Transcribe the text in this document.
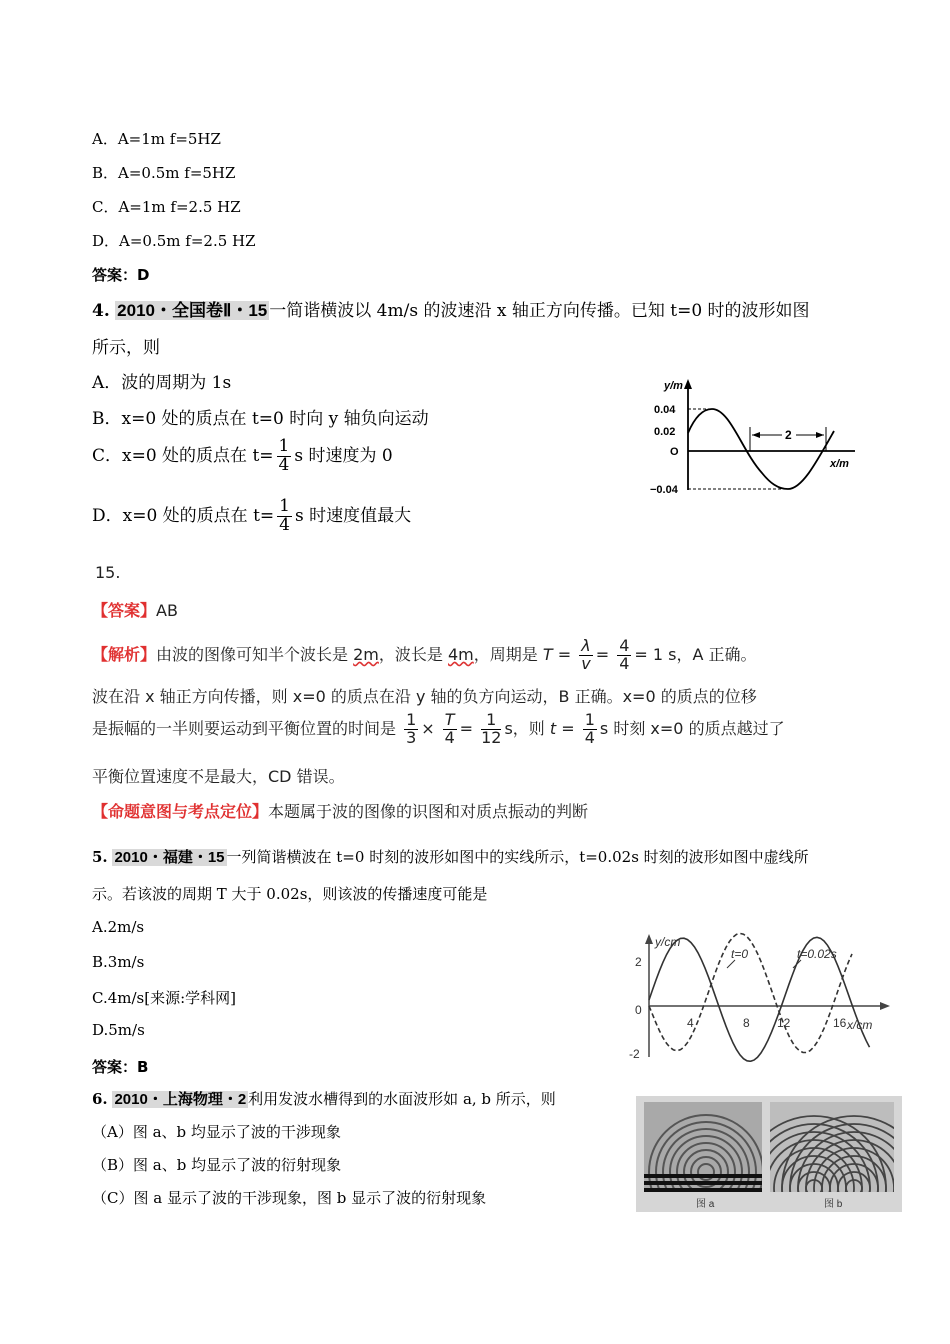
A．A=1m f=5HZ
B．A=0.5m f=5HZ
C．A=1m f=2.5 HZ
D．A=0.5m f=2.5 HZ
答案：D
4. 2010・全国卷Ⅱ・15 一简谐横波以 4m/s 的波速沿 x 轴正方向传播。已知 t=0 时的波形如图
所示，则
A．波的周期为 1s
B．x=0 处的质点在 t=0 时向 y 轴负向运动
C．x=0 处的质点在 $t= \frac{1}{4}$ s 时速度为 0
D．x=0 处的质点在 $t= \frac{1}{4}$ s 时速度值最大
2
y/m
x/m
0.04
0.02
O
−0.04
15.
【答案】AB
【解析】由波的图像可知半个波长是 2m，波长是 4m，周期是 $T = \frac{\lambda}{v} = \frac{4}{4} = 1$ s，A 正确。
波在沿 x 轴正方向传播，则 x=0 的质点在沿 y 轴的负方向运动，B 正确。x=0 的质点的位移
是振幅的一半则要运动到平衡位置的时间是 $\frac{1}{3} \times \frac{T}{4} = \frac{1}{12}$ s，则 $t = \frac{1}{4}$ s 时刻 x=0 的质点越过了
平衡位置速度不是最大，CD 错误。
【命题意图与考点定位】本题属于波的图像的识图和对质点振动的判断
5. 2010・福建・15 一列简谐横波在 t=0 时刻的波形如图中的实线所示，t=0.02s 时刻的波形如图中虚线所
示。若该波的周期 T 大于 0.02s，则该波的传播速度可能是
A.2m/s
B.3m/s
C.4m/s[来源:学科网]
D.5m/s
答案：B
t=0	t=0.02s
y/cm
x/cm
2
0
-2
4	8 12	16
6. 2010・上海物理・2 利用发波水槽得到的水面波形如 a, b 所示，则
（A）图 a、b 均显示了波的干涉现象
（B）图 a、b 均显示了波的衍射现象
（C）图 a 显示了波的干涉现象，图 b 显示了波的衍射现象	图 a	图 b
